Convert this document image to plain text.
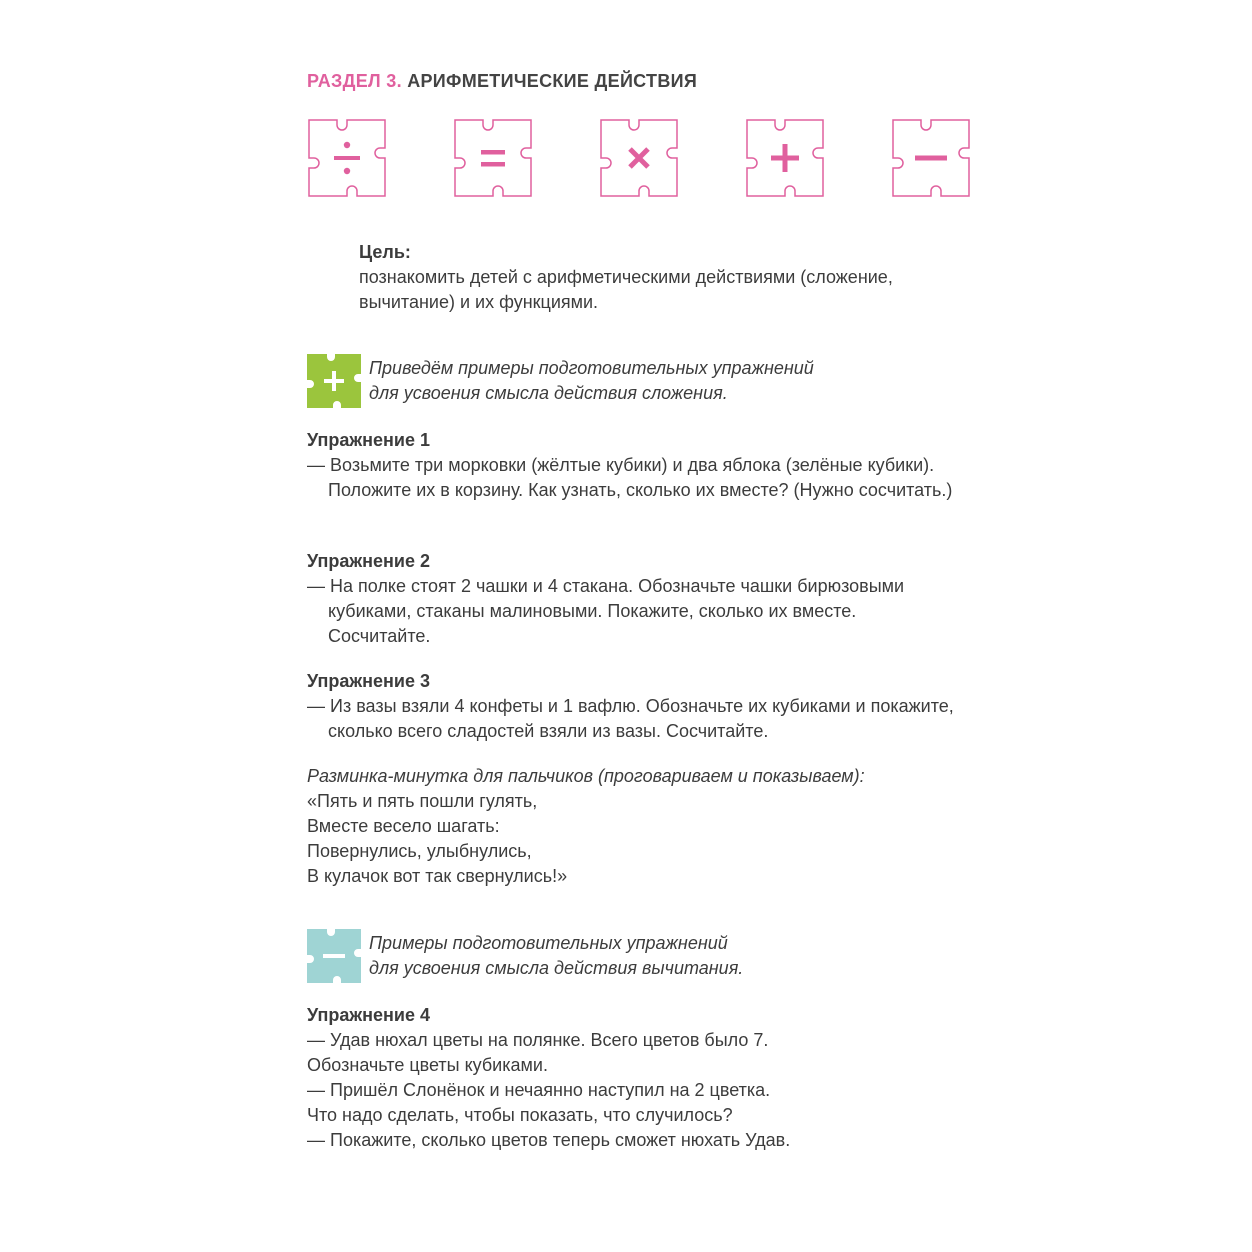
РАЗДЕЛ 3. АРИФМЕТИЧЕСКИЕ ДЕЙСТВИЯ
Цель:
познакомить детей с арифметическими действиями (сложение,
вычитание) и их функциями.
Приведём примеры подготовительных упражнений
для усвоения смысла действия сложения.
Упражнение 1
— Возьмите три морковки (жёлтые кубики) и два яблока (зелёные кубики). Положите их в корзину. Как узнать, сколько их вместе? (Нужно сосчитать.)
Упражнение 2
— На полке стоят 2 чашки и 4 стакана. Обозначьте чашки бирюзовыми кубиками, стаканы малиновыми. Покажите, сколько их вместе. Сосчитайте.
Упражнение 3
— Из вазы взяли 4 конфеты и 1 вафлю. Обозначьте их кубиками и покажите, сколько всего сладостей взяли из вазы. Сосчитайте.
Разминка-минутка для пальчиков (проговариваем и показываем):
«Пять и пять пошли гулять,
Вместе весело шагать:
Повернулись, улыбнулись,
В кулачок вот так свернулись!»
Примеры подготовительных упражнений
для усвоения смысла действия вычитания.
Упражнение 4
— Удав нюхал цветы на полянке. Всего цветов было 7.
Обозначьте цветы кубиками.
— Пришёл Слонёнок и нечаянно наступил на 2 цветка.
Что надо сделать, чтобы показать, что случилось?
— Покажите, сколько цветов теперь сможет нюхать Удав.
